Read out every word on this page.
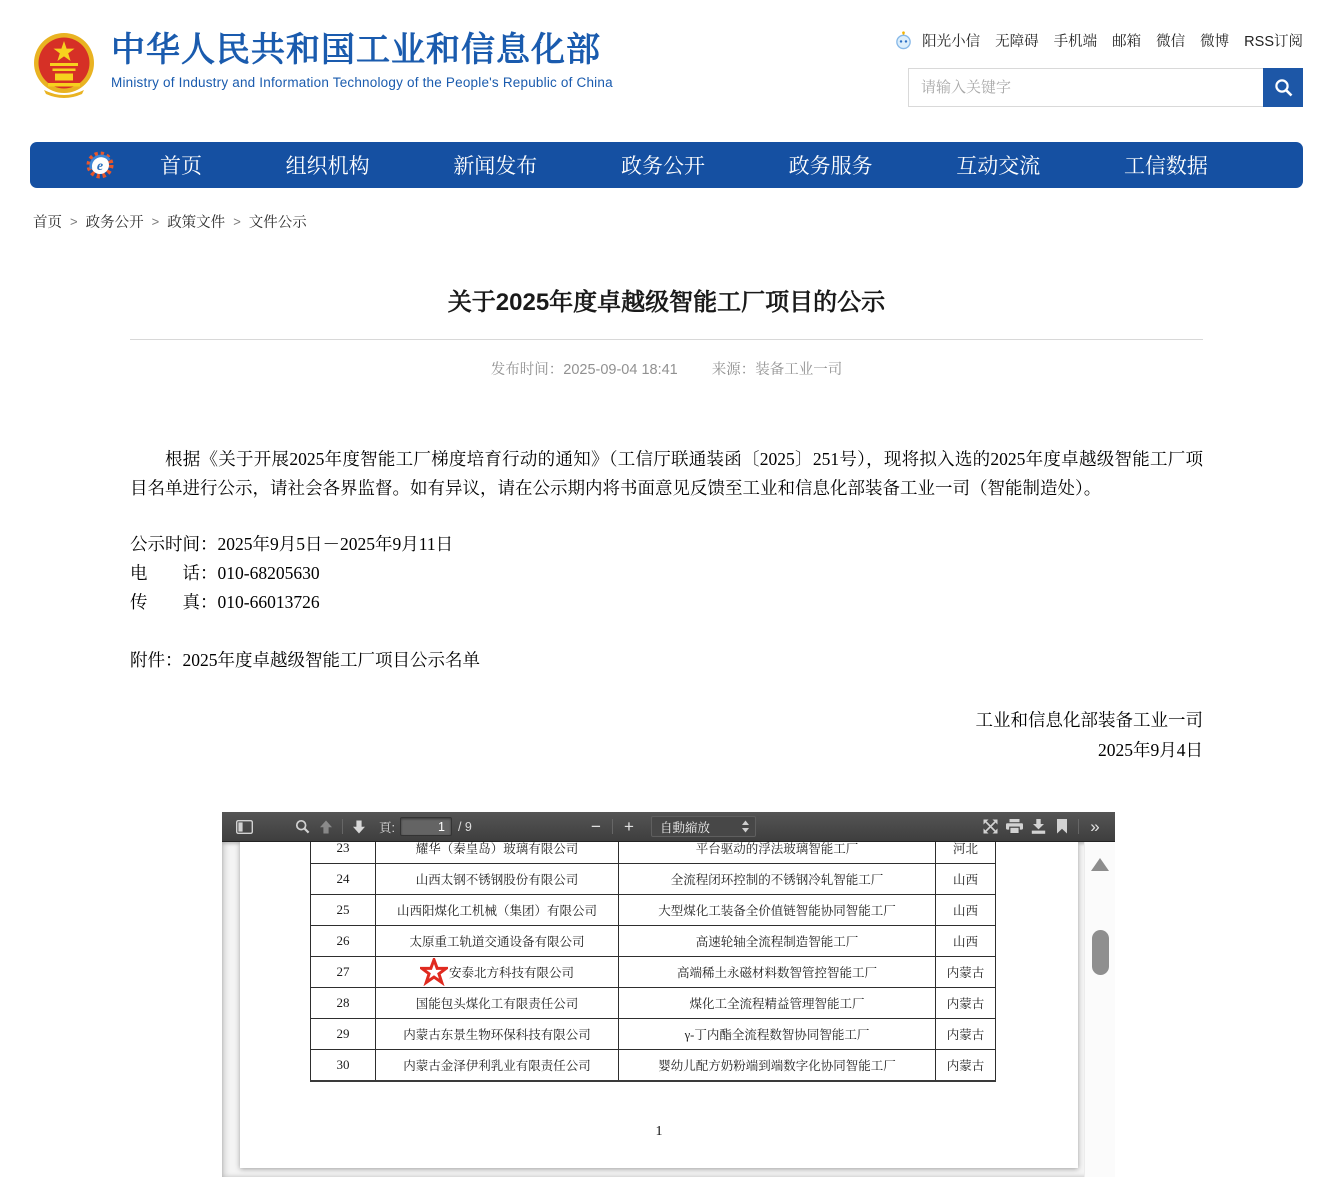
中华人民共和国工业和信息化部
Ministry of Industry and Information Technology of the People's Republic of China
阳光小信 无障碍 手机端 邮箱 微信 微博 RSS订阅
请输入关键字
e	首页	组织机构	新闻发布	政务公开	政务服务	互动交流	工信数据
首页 > 政务公开 > 政策文件 > 文件公示
关于2025年度卓越级智能工厂项目的公示
发布时间：2025-09-04 18:41 来源：装备工业一司

根据《关于开展2025年度智能工厂梯度培育行动的通知》（工信厅联通装函〔2025〕251号），现将拟入选的2025年度卓越级智能工厂项目名单进行公示，请社会各界监督。如有异议，请在公示期内将书面意见反馈至工业和信息化部装备工业一司（智能制造处）。

公示时间：2025年9月5日－2025年9月11日
电　　话：010-68205630
传　　真：010-66013726
附件：2025年度卓越级智能工厂项目公示名单
工业和信息化部装备工业一司
2025年9月4日
頁:
1	/ 9	− + 自動縮放	»
23	耀华（秦皇岛）玻璃有限公司	平台驱动的浮法玻璃智能工厂	河北
24	山西太钢不锈钢股份有限公司	全流程闭环控制的不锈钢冷轧智能工厂	山西
25	山西阳煤化工机械（集团）有限公司	大型煤化工装备全价值链智能协同智能工厂	山西
26	太原重工轨道交通设备有限公司	高速轮轴全流程制造智能工厂	山西
27	安泰北方科技有限公司	高端稀土永磁材料数智管控智能工厂	内蒙古
28	国能包头煤化工有限责任公司	煤化工全流程精益管理智能工厂	内蒙古
29	内蒙古东景生物环保科技有限公司	γ-丁内酯全流程数智协同智能工厂	内蒙古
30	内蒙古金泽伊利乳业有限责任公司	婴幼儿配方奶粉端到端数字化协同智能工厂	内蒙古
1
